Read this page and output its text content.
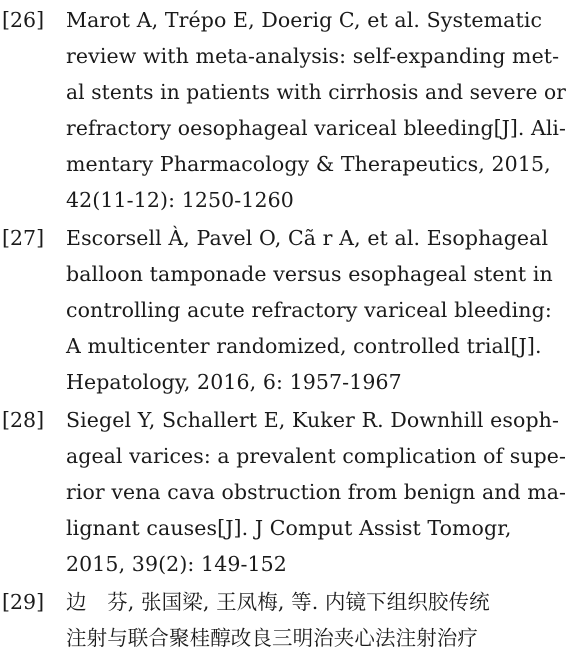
[26] Marot A, Trépo E, Doerig C, et al. Systematic
review with meta-analysis: self-expanding met-
al stents in patients with cirrhosis and severe or
refractory oesophageal variceal bleeding[J]. Ali-
mentary Pharmacology & Therapeutics, 2015,
42(11-12): 1250-1260
[27] Escorsell À, Pavel O, Cã r A, et al. Esophageal
balloon tamponade versus esophageal stent in
controlling acute refractory variceal bleeding:
A multicenter randomized, controlled trial[J].
Hepatology, 2016, 6: 1957-1967
[28] Siegel Y, Schallert E, Kuker R. Downhill esoph-
ageal varices: a prevalent complication of supe-
rior vena cava obstruction from benign and ma-
lignant causes[J]. J Comput Assist Tomogr,
2015, 39(2): 149-152
[29] 边　芬, 张国梁, 王凤梅, 等. 内镜下组织胶传统
注射与联合聚桂醇改良三明治夹心法注射治疗
